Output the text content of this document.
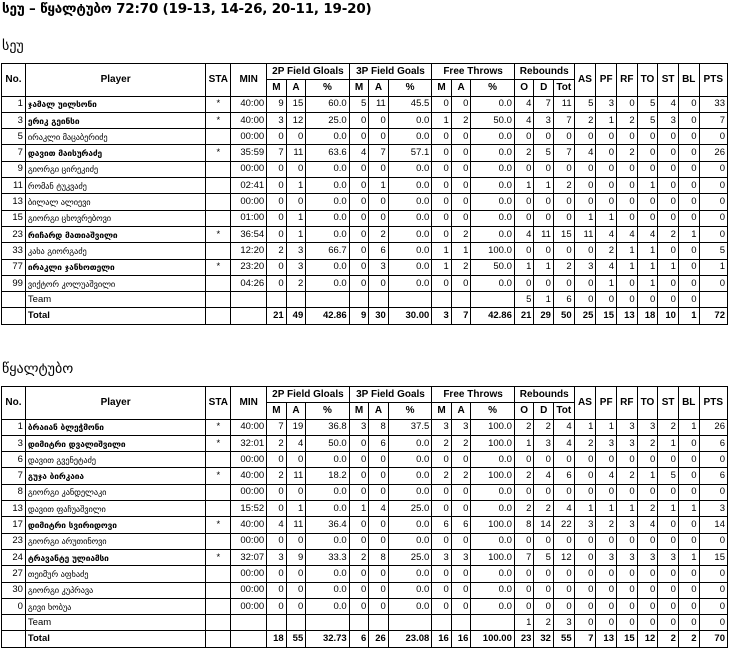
სეუ – წყალტუბო 72:70 (19-13, 14-26, 20-11, 19-20)
სეუ
No.	Player	STA	MIN	2P Field Gloals			3P Field Goals			Free Throws			Rebounds			AS	PF	RF	TO	ST	BL	PTS
				M	A	%	M	A	%	M	A	%	O	D	Tot							
1	ჯამალ უილსონი	*	40:00	9	15	60.0	5	11	45.5	0	0	0.0	4	7	11	5	3	0	5	4	0	33
3	ერიკ გეინსი	*	40:00	3	12	25.0	0	0	0.0	1	2	50.0	4	3	7	2	1	2	5	3	0	7
5	ირაკლი მაცაბერიძე		00:00	0	0	0.0	0	0	0.0	0	0	0.0	0	0	0	0	0	0	0	0	0	0
7	დავით მაისურაძე	*	35:59	7	11	63.6	4	7	57.1	0	0	0.0	2	5	7	4	0	2	0	0	0	26
9	გიორგი ცირეკიძე		00:00	0	0	0.0	0	0	0.0	0	0	0.0	0	0	0	0	0	0	0	0	0	0
11	რომან ტუკვაძე		02:41	0	1	0.0	0	1	0.0	0	0	0.0	1	1	2	0	0	0	1	0	0	0
13	ბილალ ალიევი		00:00	0	0	0.0	0	0	0.0	0	0	0.0	0	0	0	0	0	0	0	0	0	0
15	გიორგი ცხოვრებოვი		01:00	0	1	0.0	0	0	0.0	0	0	0.0	0	0	0	1	1	0	0	0	0	0
23	რიჩარდ მათიაშვილი	*	36:54	0	1	0.0	0	2	0.0	0	2	0.0	4	11	15	11	4	4	4	2	1	0
33	კახა გიორგაძე		12:20	2	3	66.7	0	6	0.0	1	1	100.0	0	0	0	0	2	1	1	0	0	5
77	ირაკლი ჯანხოთელი	*	23:20	0	3	0.0	0	3	0.0	1	2	50.0	1	1	2	3	4	1	1	1	0	1
99	ვიქტორ კოლუაშვილი		04:26	0	2	0.0	0	0	0.0	0	0	0.0	0	0	0	0	1	0	1	0	0	0
	Team												5	1	6	0	0	0	0	0	0	
	Total			21	49	42.86	9	30	30.00	3	7	42.86	21	29	50	25	15	13	18	10	1	72
წყალტუბო
No.	Player	STA	MIN	2P Field Gloals			3P Field Goals			Free Throws			Rebounds			AS	PF	RF	TO	ST	BL	PTS
				M	A	%	M	A	%	M	A	%	O	D	Tot							
1	ბრაიან ბლეჭმონი	*	40:00	7	19	36.8	3	8	37.5	3	3	100.0	2	2	4	1	1	3	3	2	1	26
3	დიმიტრი დვალიშვილი	*	32:01	2	4	50.0	0	6	0.0	2	2	100.0	1	3	4	2	3	3	2	1	0	6
6	დავით გვენეტაძე		00:00	0	0	0.0	0	0	0.0	0	0	0.0	0	0	0	0	0	0	0	0	0	0
7	გუჯა ბირკაია	*	40:00	2	11	18.2	0	0	0.0	2	2	100.0	2	4	6	0	4	2	1	5	0	6
8	გიორგი კანდელაკი		00:00	0	0	0.0	0	0	0.0	0	0	0.0	0	0	0	0	0	0	0	0	0	0
13	დავით ფაჩუაშვილი		15:52	0	1	0.0	1	4	25.0	0	0	0.0	2	2	4	1	1	1	2	1	1	3
17	დიმიტრი სვირიდოვი	*	40:00	4	11	36.4	0	0	0.0	6	6	100.0	8	14	22	3	2	3	4	0	0	14
23	გიორგი არუთინოვი		00:00	0	0	0.0	0	0	0.0	0	0	0.0	0	0	0	0	0	0	0	0	0	0
24	ტრავანტე ულიამსი	*	32:07	3	9	33.3	2	8	25.0	3	3	100.0	7	5	12	0	3	3	3	3	1	15
27	თეიმურ აფხაძე		00:00	0	0	0.0	0	0	0.0	0	0	0.0	0	0	0	0	0	0	0	0	0	0
30	გიორგი კუპრავა		00:00	0	0	0.0	0	0	0.0	0	0	0.0	0	0	0	0	0	0	0	0	0	0
0	გივი ხობუა		00:00	0	0	0.0	0	0	0.0	0	0	0.0	0	0	0	0	0	0	0	0	0	0
	Team												1	2	3	0	0	0	0	0	0	0
	Total			18	55	32.73	6	26	23.08	16	16	100.00	23	32	55	7	13	15	12	2	2	70
